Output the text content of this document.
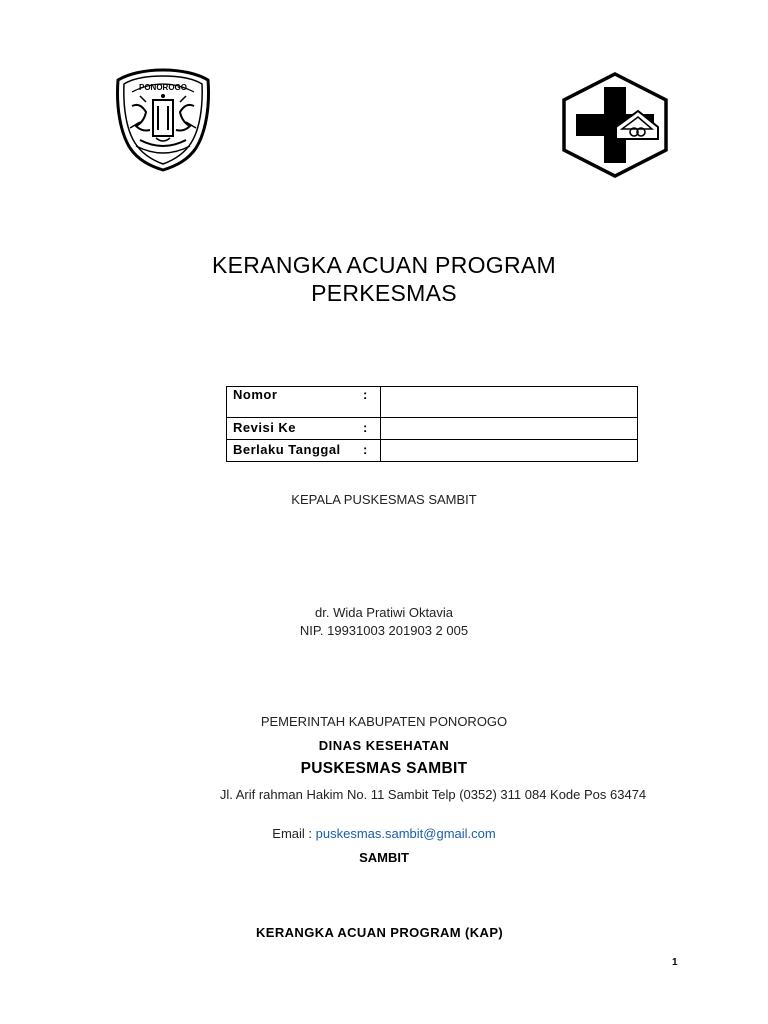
PONOROGO
KERANGKA ACUAN PROGRAM
PERKESMAS
Nomor	:	

Revisi Ke	:	

Berlaku Tanggal	:	

KEPALA PUSKESMAS SAMBIT
dr. Wida Pratiwi Oktavia
NIP. 19931003 201903 2 005
PEMERINTAH KABUPATEN PONOROGO
DINAS KESEHATAN
PUSKESMAS SAMBIT
Jl. Arif rahman Hakim No. 11 Sambit Telp (0352) 311 084 Kode Pos 63474
Email : puskesmas.sambit@gmail.com
SAMBIT
KERANGKA ACUAN PROGRAM (KAP)
1
